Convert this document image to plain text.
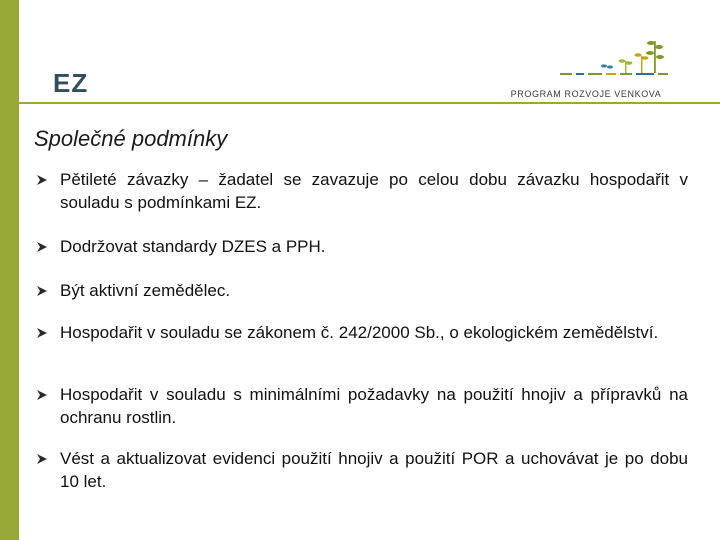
EZ	PROGRAM ROZVOJE VENKOVA
Společné podmínky

Pětileté závazky – žadatel se zavazuje po celou dobu závazku hospodařit v souladu s podmínkami EZ.

Dodržovat standardy DZES a PPH.

Být aktivní zemědělec.

Hospodařit v souladu se zákonem č. 242/2000 Sb., o ekologickém zemědělství.

Hospodařit v souladu s minimálními požadavky na použití hnojiv a přípravků na ochranu rostlin.

Vést a aktualizovat evidenci použití hnojiv a použití POR a uchovávat je po dobu 10 let.
